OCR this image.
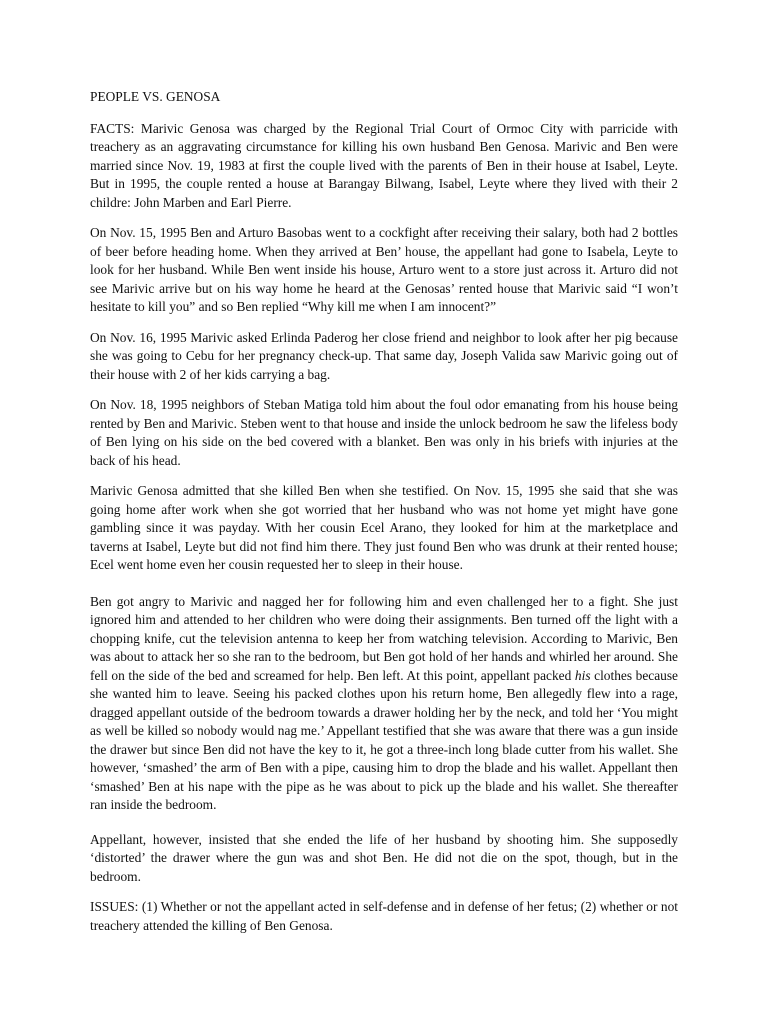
PEOPLE VS. GENOSA

FACTS: Marivic Genosa was charged by the Regional Trial Court of Ormoc City with parricide with treachery as an aggravating circumstance for killing his own husband Ben Genosa. Marivic and Ben were married since Nov. 19, 1983 at first the couple lived with the parents of Ben in their house at Isabel, Leyte. But in 1995, the couple rented a house at Barangay Bilwang, Isabel, Leyte where they lived with their 2 childre: John Marben and Earl Pierre.

On Nov. 15, 1995 Ben and Arturo Basobas went to a cockfight after receiving their salary, both had 2 bottles of beer before heading home. When they arrived at Ben’ house, the appellant had gone to Isabela, Leyte to look for her husband. While Ben went inside his house, Arturo went to a store just across it. Arturo did not see Marivic arrive but on his way home he heard at the Genosas’ rented house that Marivic said “I won’t hesitate to kill you” and so Ben replied “Why kill me when I am innocent?”

On Nov. 16, 1995 Marivic asked Erlinda Paderog her close friend and neighbor to look after her pig because she was going to Cebu for her pregnancy check-up. That same day, Joseph Valida saw Marivic going out of their house with 2 of her kids carrying a bag.

On Nov. 18, 1995 neighbors of Steban Matiga told him about the foul odor emanating from his house being rented by Ben and Marivic. Steben went to that house and inside the unlock bedroom he saw the lifeless body of Ben lying on his side on the bed covered with a blanket. Ben was only in his briefs with injuries at the back of his head.

Marivic Genosa admitted that she killed Ben when she testified. On Nov. 15, 1995 she said that she was going home after work when she got worried that her husband who was not home yet might have gone gambling since it was payday. With her cousin Ecel Arano, they looked for him at the marketplace and taverns at Isabel, Leyte but did not find him there. They just found Ben who was drunk at their rented house; Ecel went home even her cousin requested her to sleep in their house.

Ben got angry to Marivic and nagged her for following him and even challenged her to a fight. She just ignored him and attended to her children who were doing their assignments. Ben turned off the light with a chopping knife, cut the television antenna to keep her from watching television. According to Marivic, Ben was about to attack her so she ran to the bedroom, but Ben got hold of her hands and whirled her around. She fell on the side of the bed and screamed for help. Ben left. At this point, appellant packed his clothes because she wanted him to leave. Seeing his packed clothes upon his return home, Ben allegedly flew into a rage, dragged appellant outside of the bedroom towards a drawer holding her by the neck, and told her ‘You might as well be killed so nobody would nag me.’ Appellant testified that she was aware that there was a gun inside the drawer but since Ben did not have the key to it, he got a three-inch long blade cutter from his wallet. She however, ‘smashed’ the arm of Ben with a pipe, causing him to drop the blade and his wallet. Appellant then ‘smashed’ Ben at his nape with the pipe as he was about to pick up the blade and his wallet. She thereafter ran inside the bedroom.

Appellant, however, insisted that she ended the life of her husband by shooting him. She supposedly ‘distorted’ the drawer where the gun was and shot Ben. He did not die on the spot, though, but in the bedroom.

ISSUES: (1) Whether or not the appellant acted in self-defense and in defense of her fetus; (2) whether or not treachery attended the killing of Ben Genosa.
